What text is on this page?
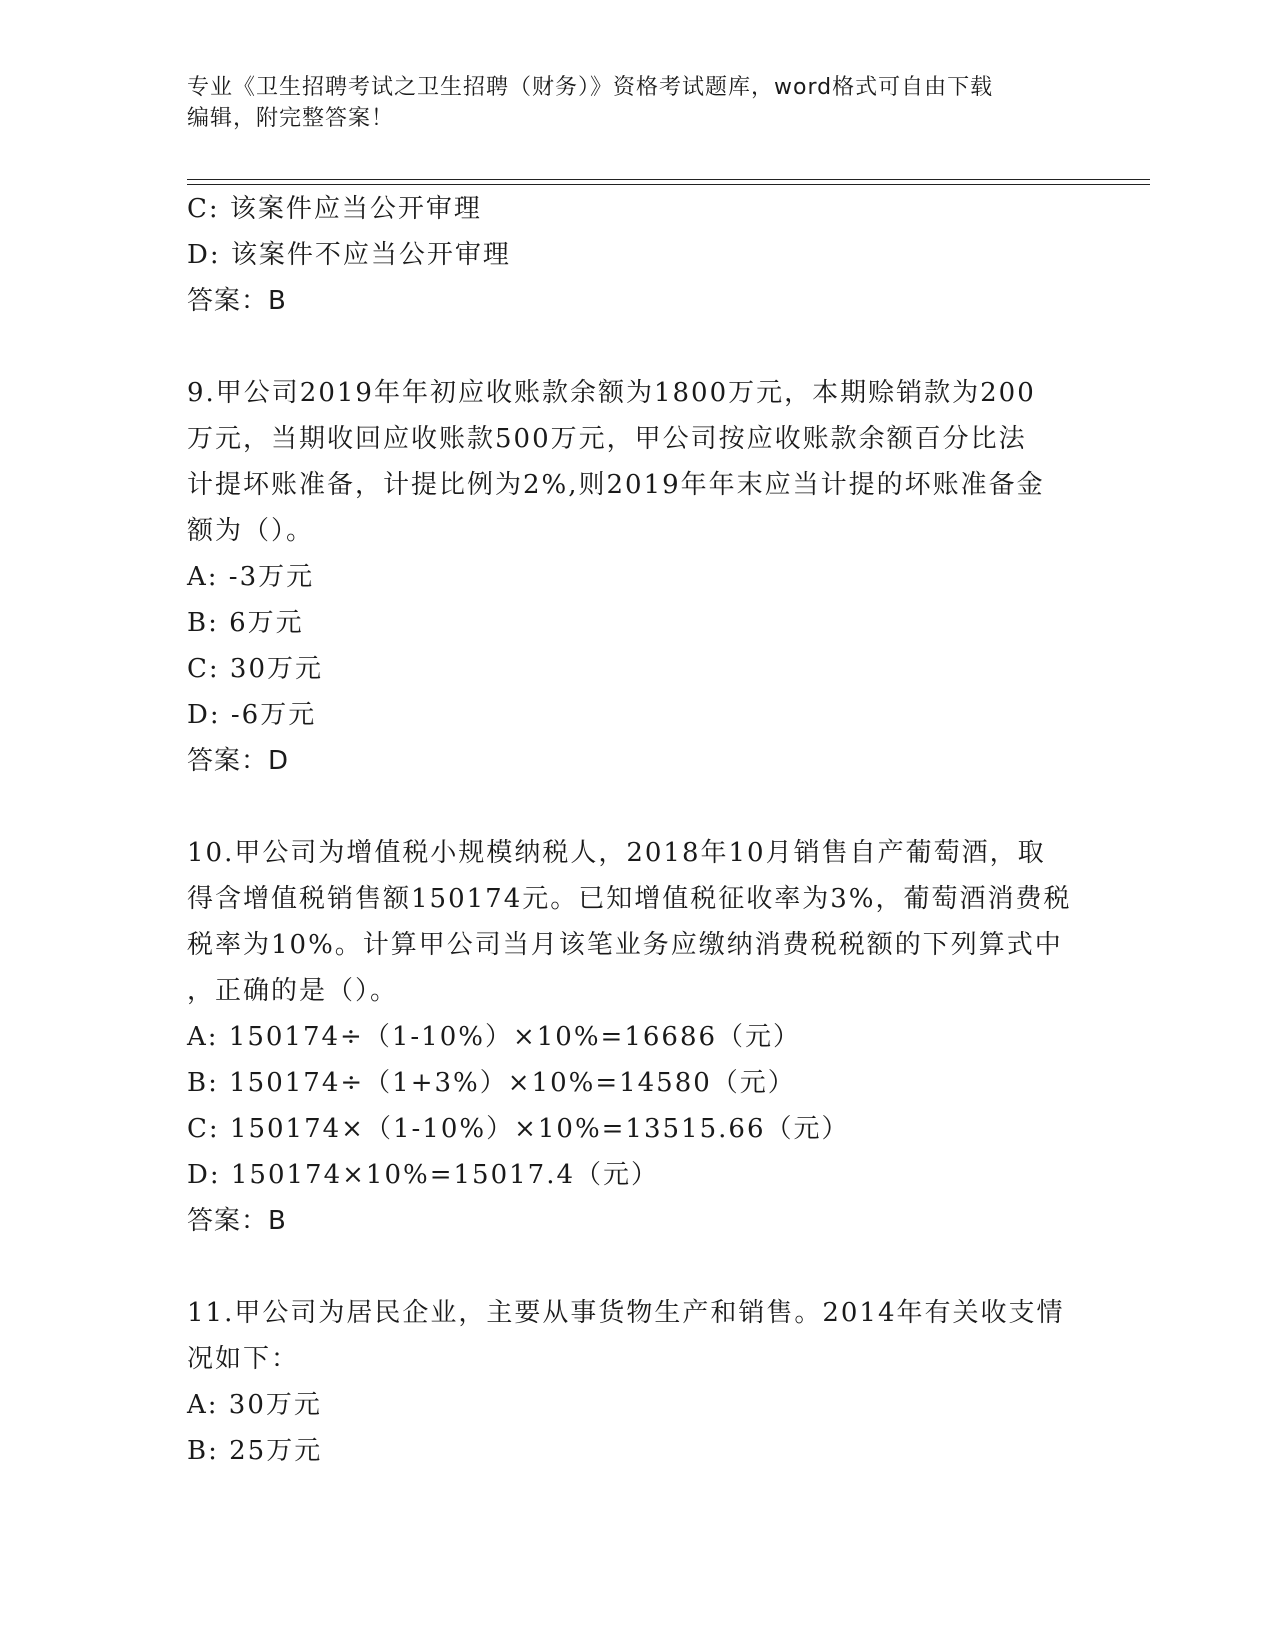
专业《卫生招聘考试之卫生招聘（财务）》资格考试题库，word格式可自由下载
编辑，附完整答案！
C: 该案件应当公开审理
D: 该案件不应当公开审理
答案：B
9.甲公司2019年年初应收账款余额为1800万元，本期赊销款为200
万元，当期收回应收账款500万元，甲公司按应收账款余额百分比法
计提坏账准备，计提比例为2%,则2019年年末应当计提的坏账准备金
额为（）。
A: -3万元
B: 6万元
C: 30万元
D: -6万元
答案：D
10.甲公司为增值税小规模纳税人，2018年10月销售自产葡萄酒，取
得含增值税销售额150174元。已知增值税征收率为3%，葡萄酒消费税
税率为10%。计算甲公司当月该笔业务应缴纳消费税税额的下列算式中
，正确的是（）。
A: 150174÷（1-10%）×10%=16686（元）
B: 150174÷（1+3%）×10%=14580（元）
C: 150174×（1-10%）×10%=13515.66（元）
D: 150174×10%=15017.4（元）
答案：B
11.甲公司为居民企业，主要从事货物生产和销售。2014年有关收支情
况如下：
A: 30万元
B: 25万元
